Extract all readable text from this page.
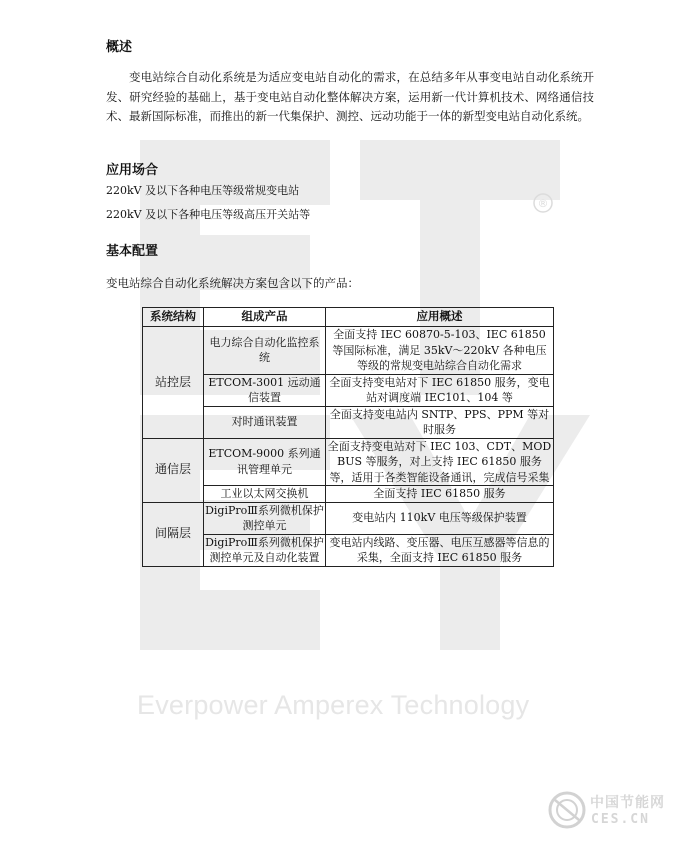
®
Everpower Amperex Technology
概述
变电站综合自动化系统是为适应变电站自动化的需求，在总结多年从事变电站自动化系统开发、研究经验的基础上，基于变电站自动化整体解决方案，运用新一代计算机技术、网络通信技术、最新国际标准，而推出的新一代集保护、测控、远动功能于一体的新型变电站自动化系统。
应用场合
220kV 及以下各种电压等级常规变电站
220kV 及以下各种电压等级高压开关站等
基本配置
变电站综合自动化系统解决方案包含以下的产品：
系统结构	组成产品	应用概述
站控层	电力综合自动化监控系统	全面支持 IEC 60870-5-103、IEC 61850 等国际标准，满足 35kV～220kV 各种电压等级的常规变电站综合自动化需求
	ETCOM-3001 远动通信装置	全面支持变电站对下 IEC 61850 服务，变电站对调度端 IEC101、104 等
	对时通讯装置	全面支持变电站内 SNTP、PPS、PPM 等对时服务
通信层	ETCOM-9000 系列通讯管理单元	全面支持变电站对下 IEC 103、CDT、MODBUS 等服务，对上支持 IEC 61850 服务等，适用于各类智能设备通讯，完成信号采集
	工业以太网交换机	全面支持 IEC 61850 服务
间隔层	DigiProⅢ系列微机保护测控单元	变电站内 110kV 电压等级保护装置
	DigiProⅢ系列微机保护测控单元及自动化装置	变电站内线路、变压器、电压互感器等信息的采集，全面支持 IEC 61850 服务
中国节能网
CES.CN
